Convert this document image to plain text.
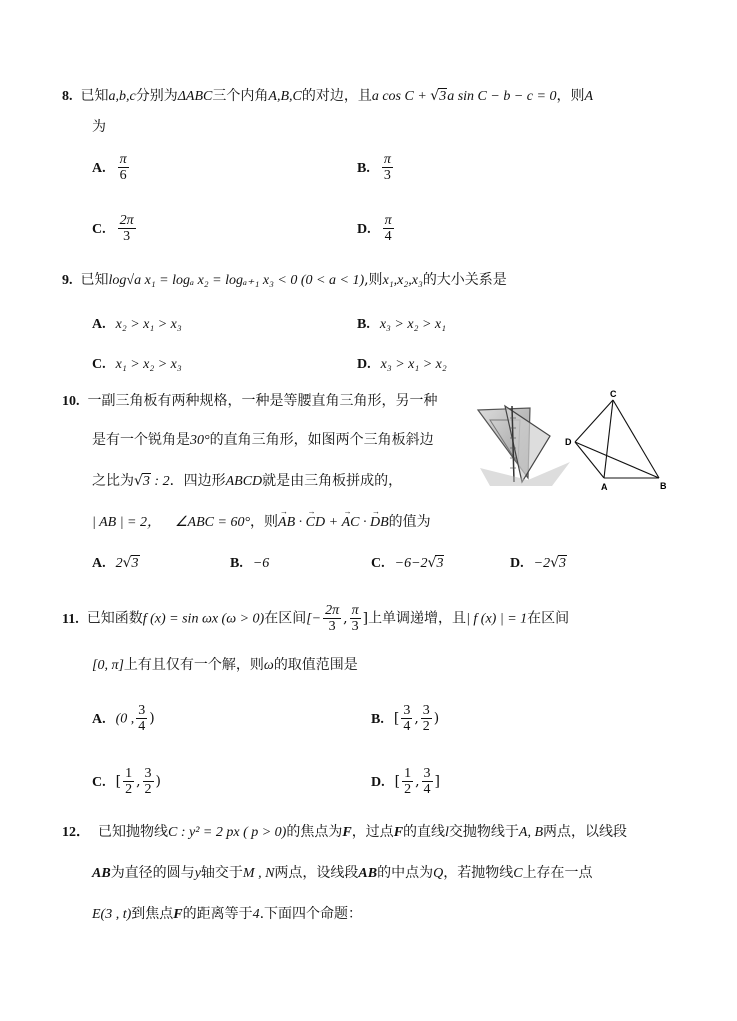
8. 已知a,b,c分别为ΔABC三个内角A,B,C的对边，且a cos C + √3a sin C − b − c = 0，则A
为
A. $\frac{\pi}{6}$	B. $\frac{\pi}{3}$
C. $\frac{2\pi}{3}$	D. $\frac{\pi}{4}$
9. 已知log√a x₁ = logₐ x₂ = logₐ₊₁ x₃ < 0 (0 < a < 1),则x₁,x₂,x₃的大小关系是
A. x₂ > x₁ > x₃	B. x₃ > x₂ > x₁
C. x₁ > x₂ > x₃	D. x₃ > x₁ > x₂
10. 一副三角板有两种规格，一种是等腰直角三角形，另一种
是有一个锐角是30°的直角三角形，如图两个三角板斜边
之比为√3 : 2．四边形ABCD就是由三角板拼成的，
| AB | = 2， ∠ABC = 60°，则→ AB · → CD + → AC · → DB的值为
A. 2√3	B. −6	C. −6−2√3	D. −2√3
C
D
A	B
11. 已知函数f (x) = sin ωx (ω > 0)在区间[− $\frac{2\pi}{3}$ , $\frac{\pi}{3}$ ]上单调递增，且| f (x) | = 1在区间
[0, π]上有且仅有一个解，则ω的取值范围是
A. (0 , $\frac{3}{4}$ )	B. [ $\frac{3}{4}$ , $\frac{3}{2}$ )
C. [ $\frac{1}{2}$ , $\frac{3}{2}$ )	D. [ $\frac{1}{2}$ , $\frac{3}{4}$ ]
12． 已知抛物线C : y² = 2 px ( p > 0)的焦点为F，过点F的直线l交抛物线于A, B两点，以线段
AB为直径的圆与y轴交于M , N两点，设线段AB的中点为Q，若抛物线C上存在一点
E(3 , t)到焦点F的距离等于4.下面四个命题：
